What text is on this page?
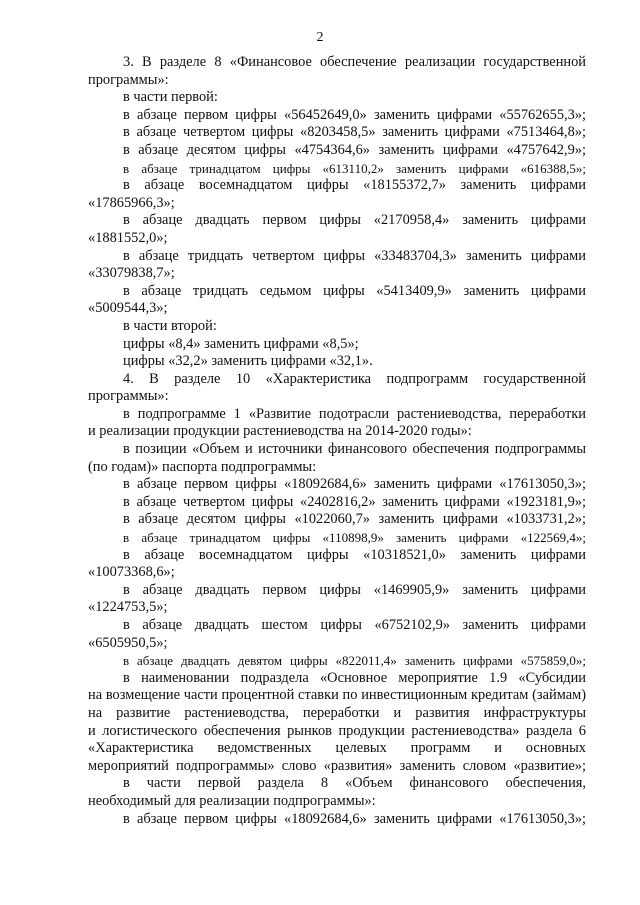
2

3. В разделе 8 «Финансовое обеспечение реализации государственной

программы»:

в части первой:

в абзаце первом цифры «56452649,0» заменить цифрами «55762655,3»;

в абзаце четвертом цифры «8203458,5» заменить цифрами «7513464,8»;

в абзаце десятом цифры «4754364,6» заменить цифрами «4757642,9»;

в абзаце тринадцатом цифры «613110,2» заменить цифрами «616388,5»;

в абзаце восемнадцатом цифры «18155372,7» заменить цифрами

«17865966,3»;

в абзаце двадцать первом цифры «2170958,4» заменить цифрами

«1881552,0»;

в абзаце тридцать четвертом цифры «33483704,3» заменить цифрами

«33079838,7»;

в абзаце тридцать седьмом цифры «5413409,9» заменить цифрами

«5009544,3»;

в части второй:

цифры «8,4» заменить цифрами «8,5»;

цифры «32,2» заменить цифрами «32,1».

4. В разделе 10 «Характеристика подпрограмм государственной

программы»:

в подпрограмме 1 «Развитие подотрасли растениеводства, переработки

и реализации продукции растениеводства на 2014-2020 годы»:

в позиции «Объем и источники финансового обеспечения подпрограммы

(по годам)» паспорта подпрограммы:

в абзаце первом цифры «18092684,6» заменить цифрами «17613050,3»;

в абзаце четвертом цифры «2402816,2» заменить цифрами «1923181,9»;

в абзаце десятом цифры «1022060,7» заменить цифрами «1033731,2»;

в абзаце тринадцатом цифры «110898,9» заменить цифрами «122569,4»;

в абзаце восемнадцатом цифры «10318521,0» заменить цифрами

«10073368,6»;

в абзаце двадцать первом цифры «1469905,9» заменить цифрами

«1224753,5»;

в абзаце двадцать шестом цифры «6752102,9» заменить цифрами

«6505950,5»;

в абзаце двадцать девятом цифры «822011,4» заменить цифрами «575859,0»;

в наименовании подраздела «Основное мероприятие 1.9 «Субсидии

на возмещение части процентной ставки по инвестиционным кредитам (займам)

на развитие растениеводства, переработки и развития инфраструктуры

и логистического обеспечения рынков продукции растениеводства» раздела 6

«Характеристика ведомственных целевых программ и основных

мероприятий подпрограммы» слово «развития» заменить словом «развитие»;

в части первой раздела 8 «Объем финансового обеспечения,

необходимый для реализации подпрограммы»:

в абзаце первом цифры «18092684,6» заменить цифрами «17613050,3»;
